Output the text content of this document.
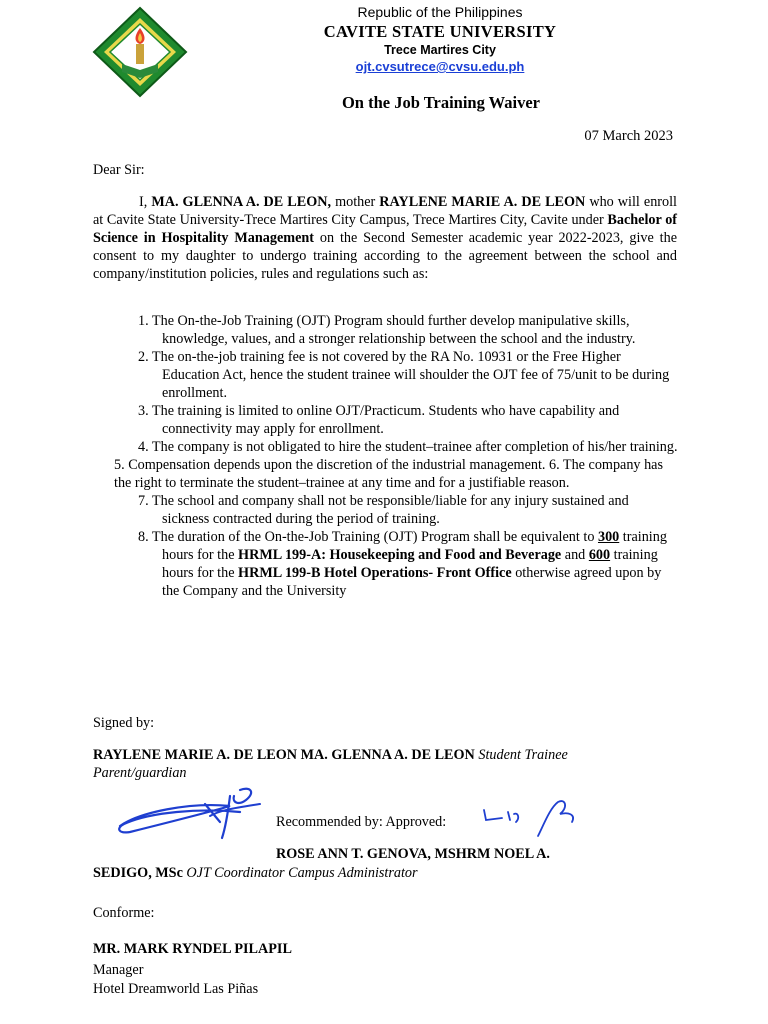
Republic of the Philippines
CAVITE STATE UNIVERSITY
Trece Martires City
ojt.cvsutrece@cvsu.edu.ph
On the Job Training Waiver
07 March 2023
Dear Sir:
I, MA. GLENNA A. DE LEON, mother RAYLENE MARIE A. DE LEON who will enroll at Cavite State University-Trece Martires City Campus, Trece Martires City, Cavite under Bachelor of Science in Hospitality Management on the Second Semester academic year 2022-2023, give the consent to my daughter to undergo training according to the agreement between the school and company/institution policies, rules and regulations such as:
1. The On-the-Job Training (OJT) Program should further develop manipulative skills, knowledge, values, and a stronger relationship between the school and the industry.
2. The on-the-job training fee is not covered by the RA No. 10931 or the Free Higher Education Act, hence the student trainee will shoulder the OJT fee of 75/unit to be during enrollment.
3. The training is limited to online OJT/Practicum. Students who have capability and connectivity may apply for enrollment.
4. The company is not obligated to hire the student–trainee after completion of his/her training.
5. Compensation depends upon the discretion of the industrial management. 6. The company has the right to terminate the student–trainee at any time and for a justifiable reason.
7. The school and company shall not be responsible/liable for any injury sustained and sickness contracted during the period of training.
8. The duration of the On-the-Job Training (OJT) Program shall be equivalent to 300 training hours for the HRML 199-A: Housekeeping and Food and Beverage and 600 training hours for the HRML 199-B Hotel Operations- Front Office otherwise agreed upon by the Company and the University
Signed by:
RAYLENE MARIE A. DE LEON MA. GLENNA A. DE LEON Student Trainee
Parent/guardian
Recommended by: Approved:
ROSE ANN T. GENOVA, MSHRM NOEL A.
SEDIGO, MSc OJT Coordinator Campus Administrator
Conforme:
MR. MARK RYNDEL PILAPIL
Manager
Hotel Dreamworld Las Piñas
